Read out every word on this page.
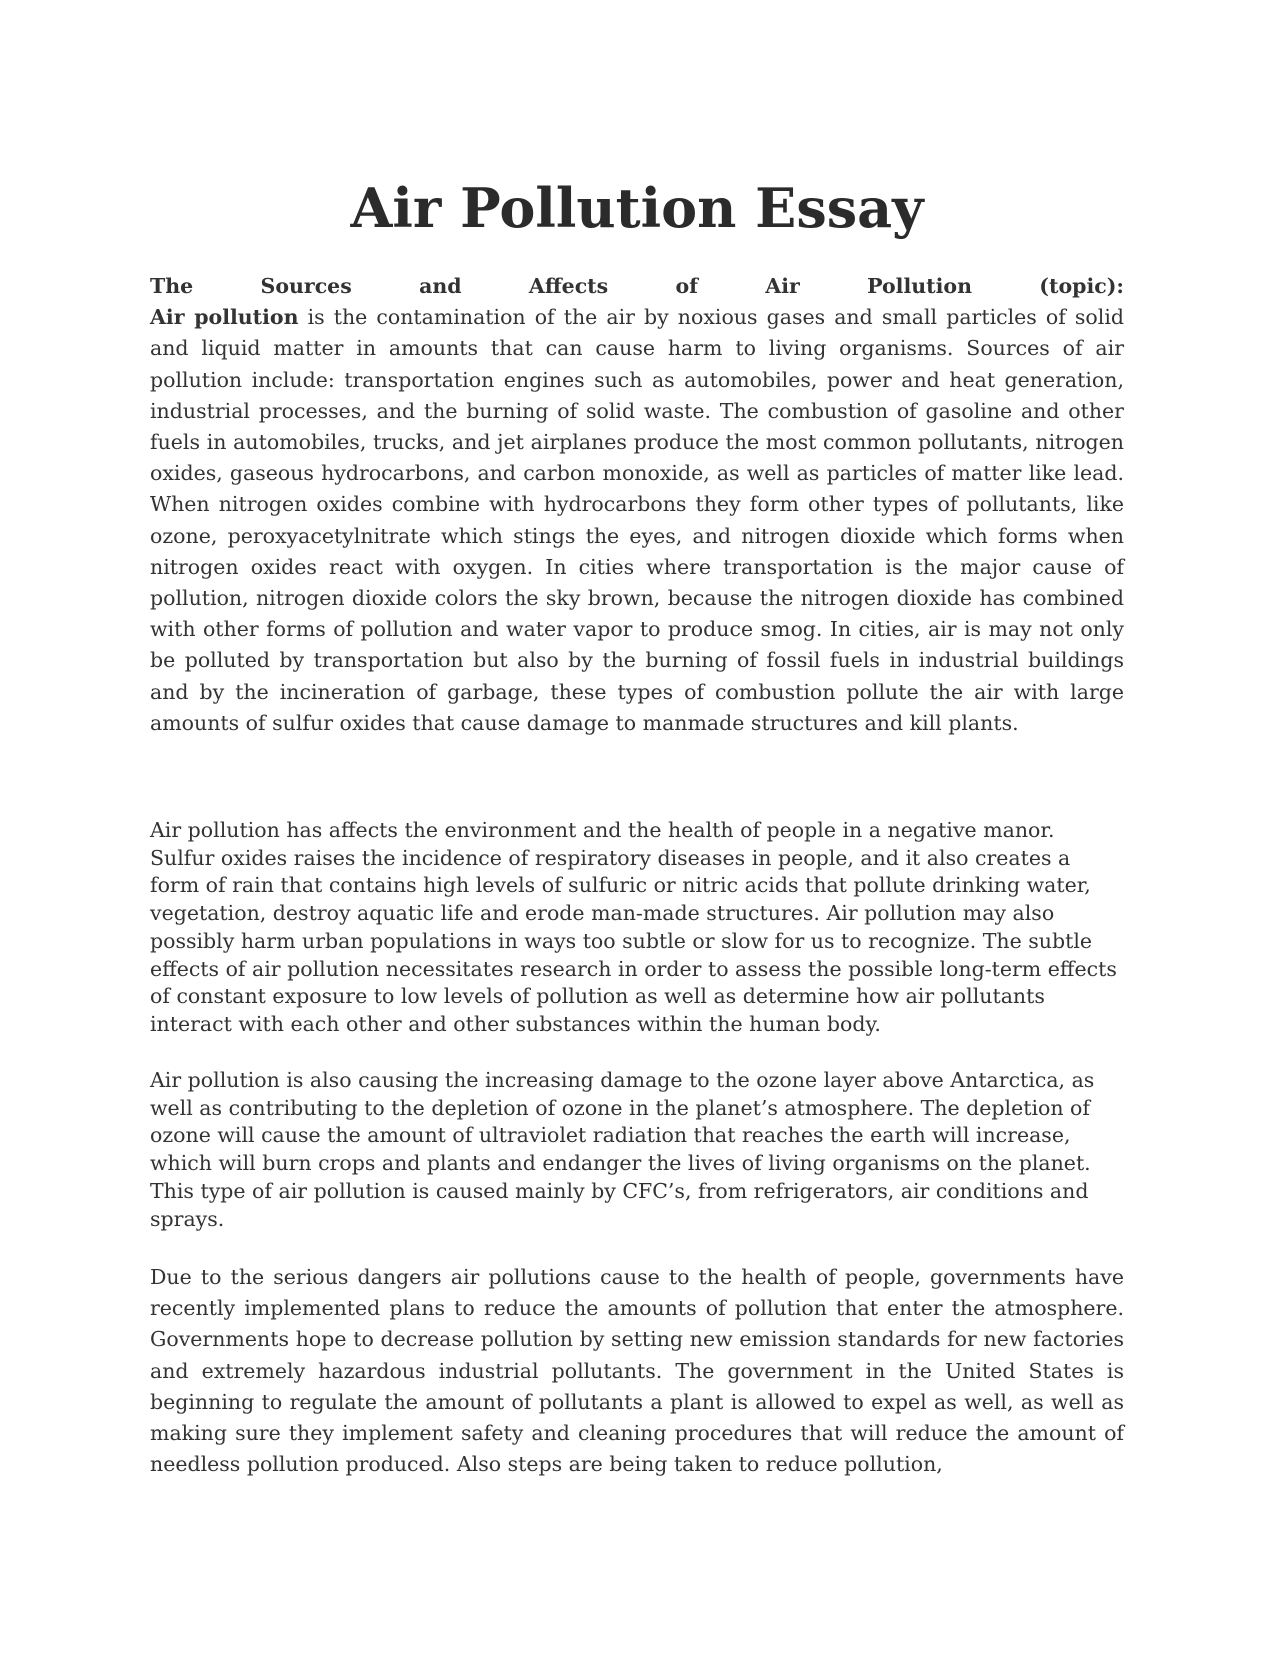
Air Pollution Essay

The Sources and Affects of Air Pollution (topic):
Air pollution is the contamination of the air by noxious gases and small particles of solid and liquid matter in amounts that can cause harm to living organisms. Sources of air pollution include: transportation engines such as automobiles, power and heat generation, industrial processes, and the burning of solid waste. The combustion of gasoline and other fuels in automobiles, trucks, and jet airplanes produce the most common pollutants, nitrogen oxides, gaseous hydrocarbons, and carbon monoxide, as well as particles of matter like lead. When nitrogen oxides combine with hydrocarbons they form other types of pollutants, like ozone, peroxyacetylnitrate which stings the eyes, and nitrogen dioxide which forms when nitrogen oxides react with oxygen. In cities where transportation is the major cause of pollution, nitrogen dioxide colors the sky brown, because the nitrogen dioxide has combined with other forms of pollution and water vapor to produce smog. In cities, air is may not only be polluted by transportation but also by the burning of fossil fuels in industrial buildings and by the incineration of garbage, these types of combustion pollute the air with large amounts of sulfur oxides that cause damage to manmade structures and kill plants.

Air pollution has affects the environment and the health of people in a negative manor. Sulfur oxides raises the incidence of respiratory diseases in people, and it also creates a form of rain that contains high levels of sulfuric or nitric acids that pollute drinking water, vegetation, destroy aquatic life and erode man-made structures. Air pollution may also possibly harm urban populations in ways too subtle or slow for us to recognize. The subtle effects of air pollution necessitates research in order to assess the possible long-term effects of constant exposure to low levels of pollution as well as determine how air pollutants interact with each other and other substances within the human body.

Air pollution is also causing the increasing damage to the ozone layer above Antarctica, as well as contributing to the depletion of ozone in the planet’s atmosphere. The depletion of ozone will cause the amount of ultraviolet radiation that reaches the earth will increase, which will burn crops and plants and endanger the lives of living organisms on the planet. This type of air pollution is caused mainly by CFC’s, from refrigerators, air conditions and sprays.

Due to the serious dangers air pollutions cause to the health of people, governments have recently implemented plans to reduce the amounts of pollution that enter the atmosphere. Governments hope to decrease pollution by setting new emission standards for new factories and extremely hazardous industrial pollutants. The government in the United States is beginning to regulate the amount of pollutants a plant is allowed to expel as well, as well as making sure they implement safety and cleaning procedures that will reduce the amount of needless pollution produced. Also steps are being taken to reduce pollution,
